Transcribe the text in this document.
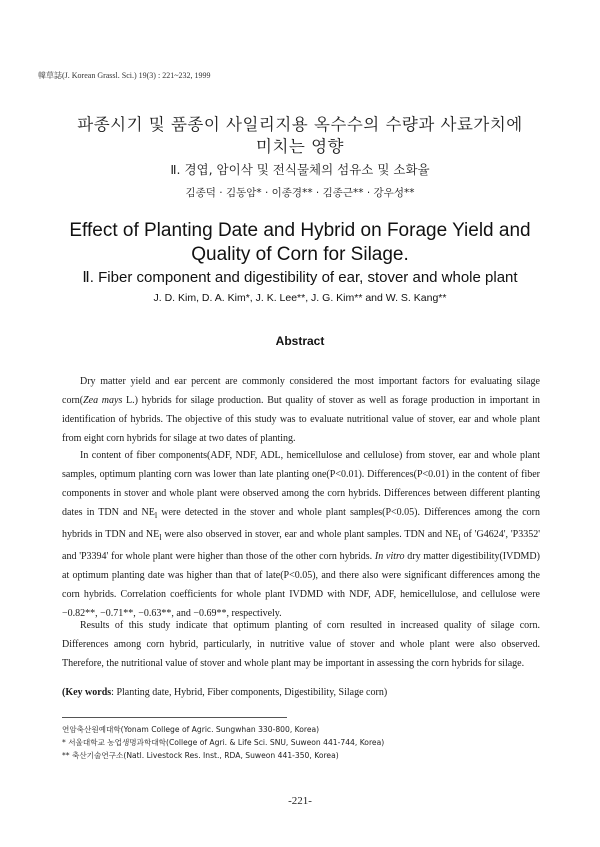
韓草誌(J. Korean Grassl. Sci.) 19(3) : 221~232, 1999
파종시기 및 품종이 사일리지용 옥수수의 수량과 사료가치에
미치는 영향
Ⅱ. 경엽, 암이삭 및 전식물체의 섬유소 및 소화율
김종덕 · 김동암* · 이종경** · 김종근** · 강우성**
Effect of Planting Date and Hybrid on Forage Yield and
Quality of Corn for Silage.
Ⅱ. Fiber component and digestibility of ear, stover and whole plant
J. D. Kim, D. A. Kim*, J. K. Lee**, J. G. Kim** and W. S. Kang**
Abstract

Dry matter yield and ear percent are commonly considered the most important factors for evaluating silage corn(Zea mays L.) hybrids for silage production. But quality of stover as well as forage production in important in identification of hybrids. The objective of this study was to evaluate nutritional value of stover, ear and whole plant from eight corn hybrids for silage at two dates of planting.

In content of fiber components(ADF, NDF, ADL, hemicellulose and cellulose) from stover, ear and whole plant samples, optimum planting corn was lower than late planting one(P<0.01). Differences(P<0.01) in the content of fiber components in stover and whole plant were observed among the corn hybrids. Differences between different planting dates in TDN and $NE_l$ were detected in the stover and whole plant samples(P<0.05). Differences among the corn hybrids in TDN and $NE_l$ were also observed in stover, ear and whole plant samples. TDN and $NE_l$ of 'G4624', 'P3352' and 'P3394' for whole plant were higher than those of the other corn hybrids. In vitro dry matter digestibility(IVDMD) at optimum planting date was higher than that of late(P<0.05), and there also were significant differences among the corn hybrids. Correlation coefficients for whole plant IVDMD with NDF, ADF, hemicellulose, and cellulose were −0.82**, −0.71**, −0.63**, and −0.69**, respectively.

Results of this study indicate that optimum planting of corn resulted in increased quality of silage corn. Differences among corn hybrid, particularly, in nutritive value of stover and whole plant were also observed. Therefore, the nutritional value of stover and whole plant may be important in assessing the corn hybrids for silage.

(Key words: Planting date, Hybrid, Fiber components, Digestibility, Silage corn)
연암축산원예대학(Yonam College of Agric. Sungwhan 330-800, Korea)
* 서울대학교 농업생명과학대학(College of Agri. & Life Sci. SNU, Suweon 441-744, Korea)
** 축산기술연구소(Natl. Livestock Res. Inst., RDA, Suweon 441-350, Korea)
-221-
